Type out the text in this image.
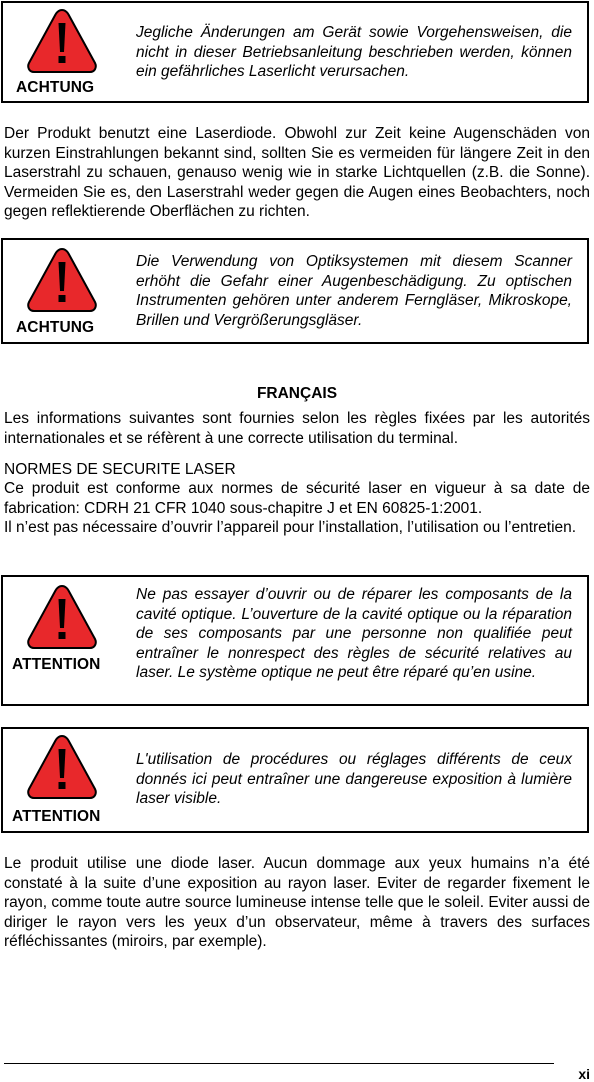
ACHTUNG
Jegliche Änderungen am Gerät sowie Vorgehensweisen, die nicht in dieser Betriebsanleitung beschrieben werden, können ein gefährliches Laserlicht verursachen.
Der Produkt benutzt eine Laserdiode. Obwohl zur Zeit keine Augenschäden von kurzen Einstrahlungen bekannt sind, sollten Sie es vermeiden für längere Zeit in den Laserstrahl zu schauen, genauso wenig wie in starke Lichtquellen (z.B. die Sonne). Vermeiden Sie es, den Laserstrahl weder gegen die Augen eines Beobachters, noch gegen reflektierende Oberflächen zu richten.
ACHTUNG
Die Verwendung von Optiksystemen mit diesem Scanner erhöht die Gefahr einer Augenbeschädigung. Zu optischen Instrumenten gehören unter anderem Ferngläser, Mikroskope, Brillen und Vergrößerungsgläser.
FRANÇAIS
Les informations suivantes sont fournies selon les règles fixées par les autorités internationales et se réfèrent à une correcte utilisation du terminal.
NORMES DE SECURITE LASER
Ce produit est conforme aux normes de sécurité laser en vigueur à sa date de fabrication: CDRH 21 CFR 1040 sous-chapitre J et EN 60825-1:2001.
Il n’est pas nécessaire d’ouvrir l’appareil pour l’installation, l’utilisation ou l’entretien.
ATTENTION
Ne pas essayer d’ouvrir ou de réparer les composants de la cavité optique. L’ouverture de la cavité optique ou la réparation de ses composants par une personne non qualifiée peut entraîner le nonrespect des règles de sécurité relatives au laser. Le système optique ne peut être réparé qu’en usine.
ATTENTION
L'utilisation de procédures ou réglages différents de ceux donnés ici peut entraîner une dangereuse exposition à lumière laser visible.
Le produit utilise une diode laser. Aucun dommage aux yeux humains n’a été constaté à la suite d’une exposition au rayon laser. Eviter de regarder fixement le rayon, comme toute autre source lumineuse intense telle que le soleil. Eviter aussi de diriger le rayon vers les yeux d’un observateur, même à travers des surfaces réfléchissantes (miroirs, par exemple).
xi
